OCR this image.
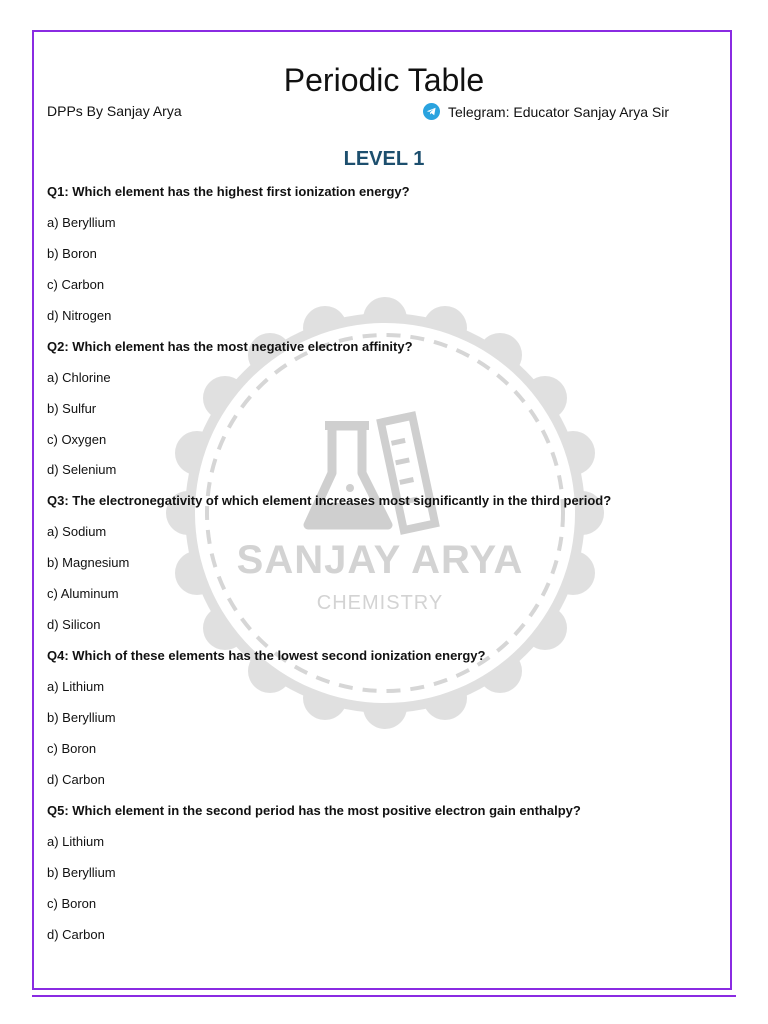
SANJAY ARYA
CHEMISTRY
Periodic Table
DPPs By Sanjay Arya	Telegram: Educator Sanjay Arya Sir
LEVEL 1
Q1: Which element has the highest first ionization energy?
a) Beryllium
b) Boron
c) Carbon
d) Nitrogen
Q2: Which element has the most negative electron affinity?
a) Chlorine
b) Sulfur
c) Oxygen
d) Selenium
Q3: The electronegativity of which element increases most significantly in the third period?
a) Sodium
b) Magnesium
c) Aluminum
d) Silicon
Q4: Which of these elements has the lowest second ionization energy?
a) Lithium
b) Beryllium
c) Boron
d) Carbon
Q5: Which element in the second period has the most positive electron gain enthalpy?
a) Lithium
b) Beryllium
c) Boron
d) Carbon
